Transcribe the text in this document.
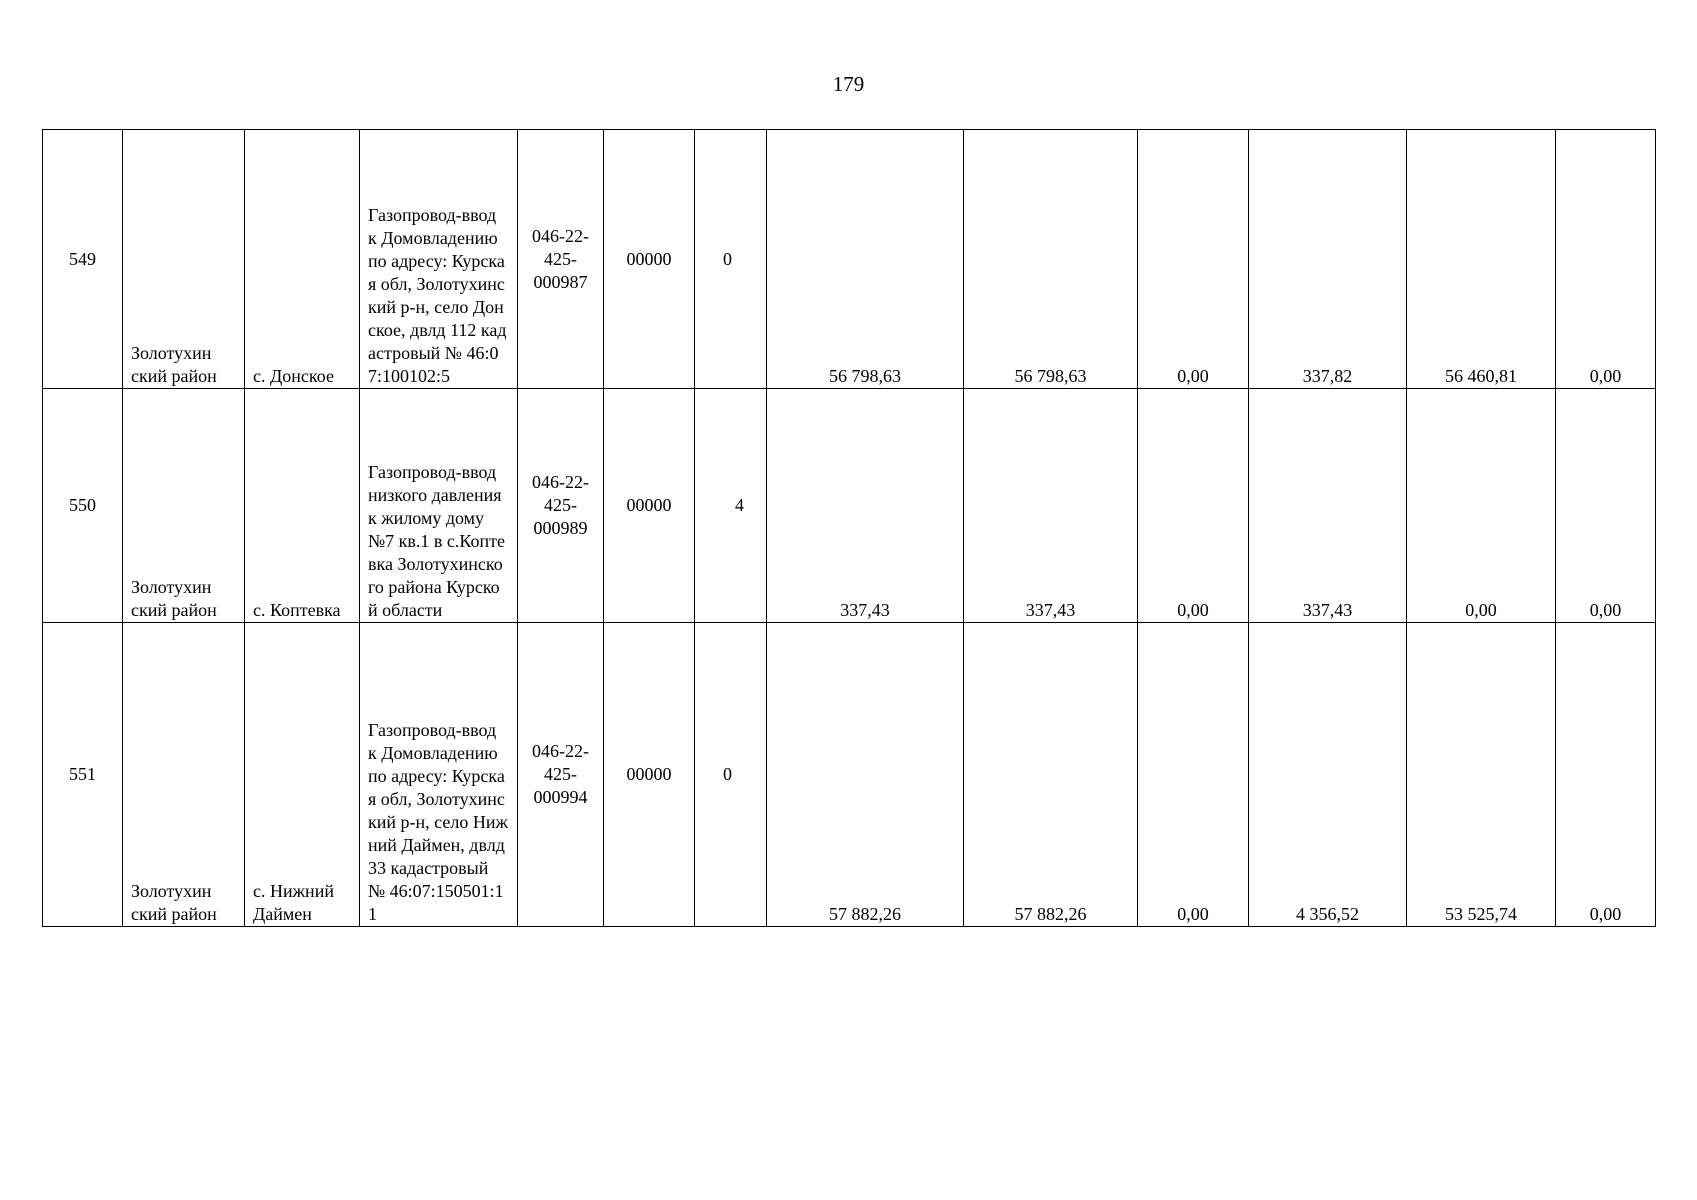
179
549	Золотухин ский район	с. Донское	Газопровод-ввод к Домовладению по адресу: Курская обл, Золотухинский р-н, село Донское, двлд 112 кадастровый № 46:07:100102:5	046-22-425-000987	00000	0	56 798,63	56 798,63	0,00	337,82	56 460,81	0,00
550	Золотухин ский район	с. Коптевка	Газопровод-ввод низкого давления к жилому дому №7 кв.1 в с.Коптевка Золотухинского района Курской области	046-22-425-000989	00000	4	337,43	337,43	0,00	337,43	0,00	0,00
551	Золотухин ский район	с. Нижний Даймен	Газопровод-ввод к Домовладению по адресу: Курская обл, Золотухинский р-н, село Нижний Даймен, двлд 33 кадастровый № 46:07:150501:11	046-22-425-000994	00000	0	57 882,26	57 882,26	0,00	4 356,52	53 525,74	0,00
